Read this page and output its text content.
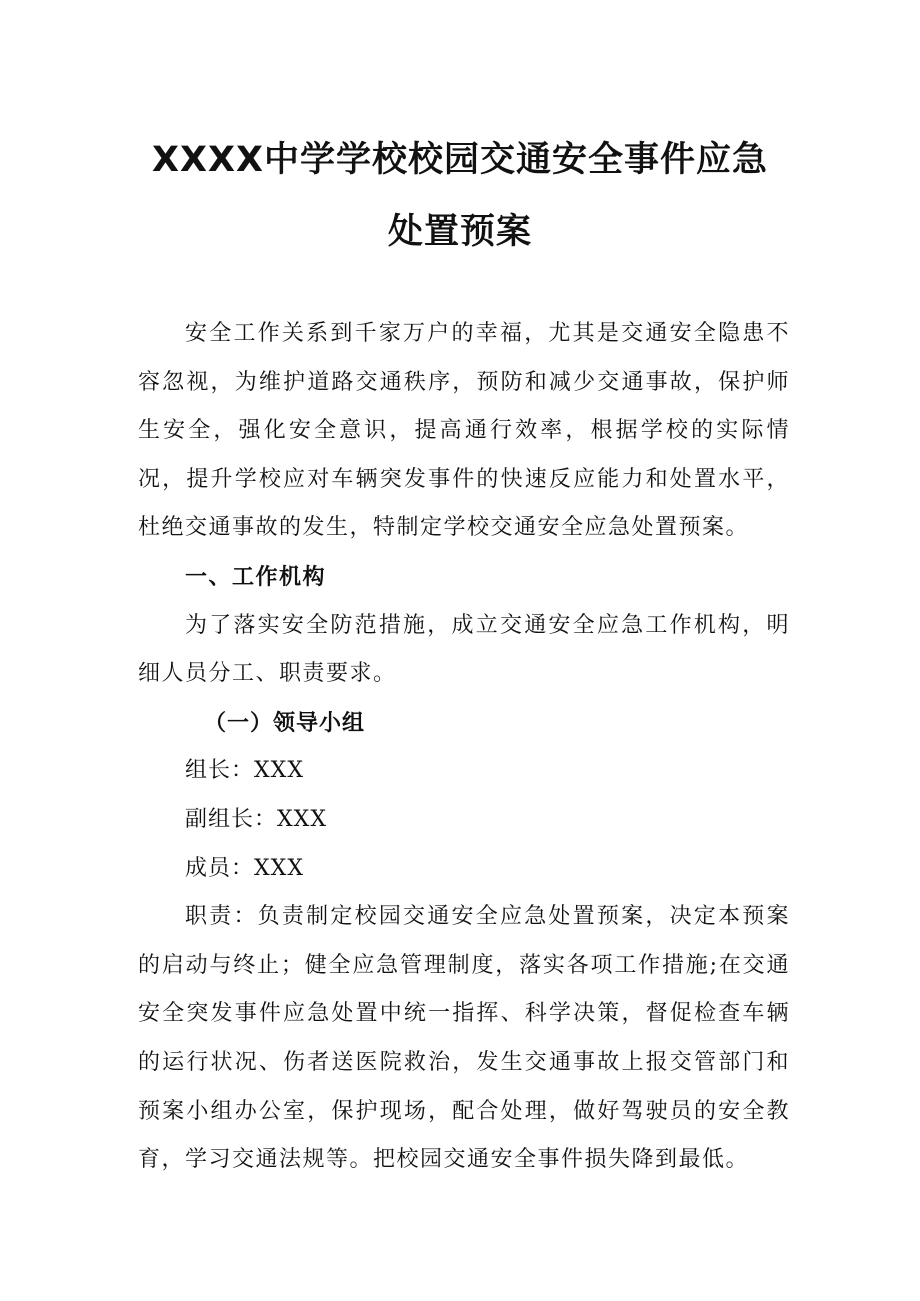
XXXX中学学校校园交通安全事件应急
处置预案

安全工作关系到千家万户的幸福，尤其是交通安全隐患不容忽视，为维护道路交通秩序，预防和减少交通事故，保护师生安全，强化安全意识，提高通行效率，根据学校的实际情况，提升学校应对车辆突发事件的快速反应能力和处置水平，杜绝交通事故的发生，特制定学校交通安全应急处置预案。

一、工作机构

为了落实安全防范措施，成立交通安全应急工作机构，明细人员分工、职责要求。

（一）领导小组

组长：XXX

副组长：XXX

成员：XXX

职责：负责制定校园交通安全应急处置预案，决定本预案的启动与终止；健全应急管理制度，落实各项工作措施;在交通安全突发事件应急处置中统一指挥、科学决策，督促检查车辆的运行状况、伤者送医院救治，发生交通事故上报交管部门和预案小组办公室，保护现场，配合处理，做好驾驶员的安全教育，学习交通法规等。把校园交通安全事件损失降到最低。
